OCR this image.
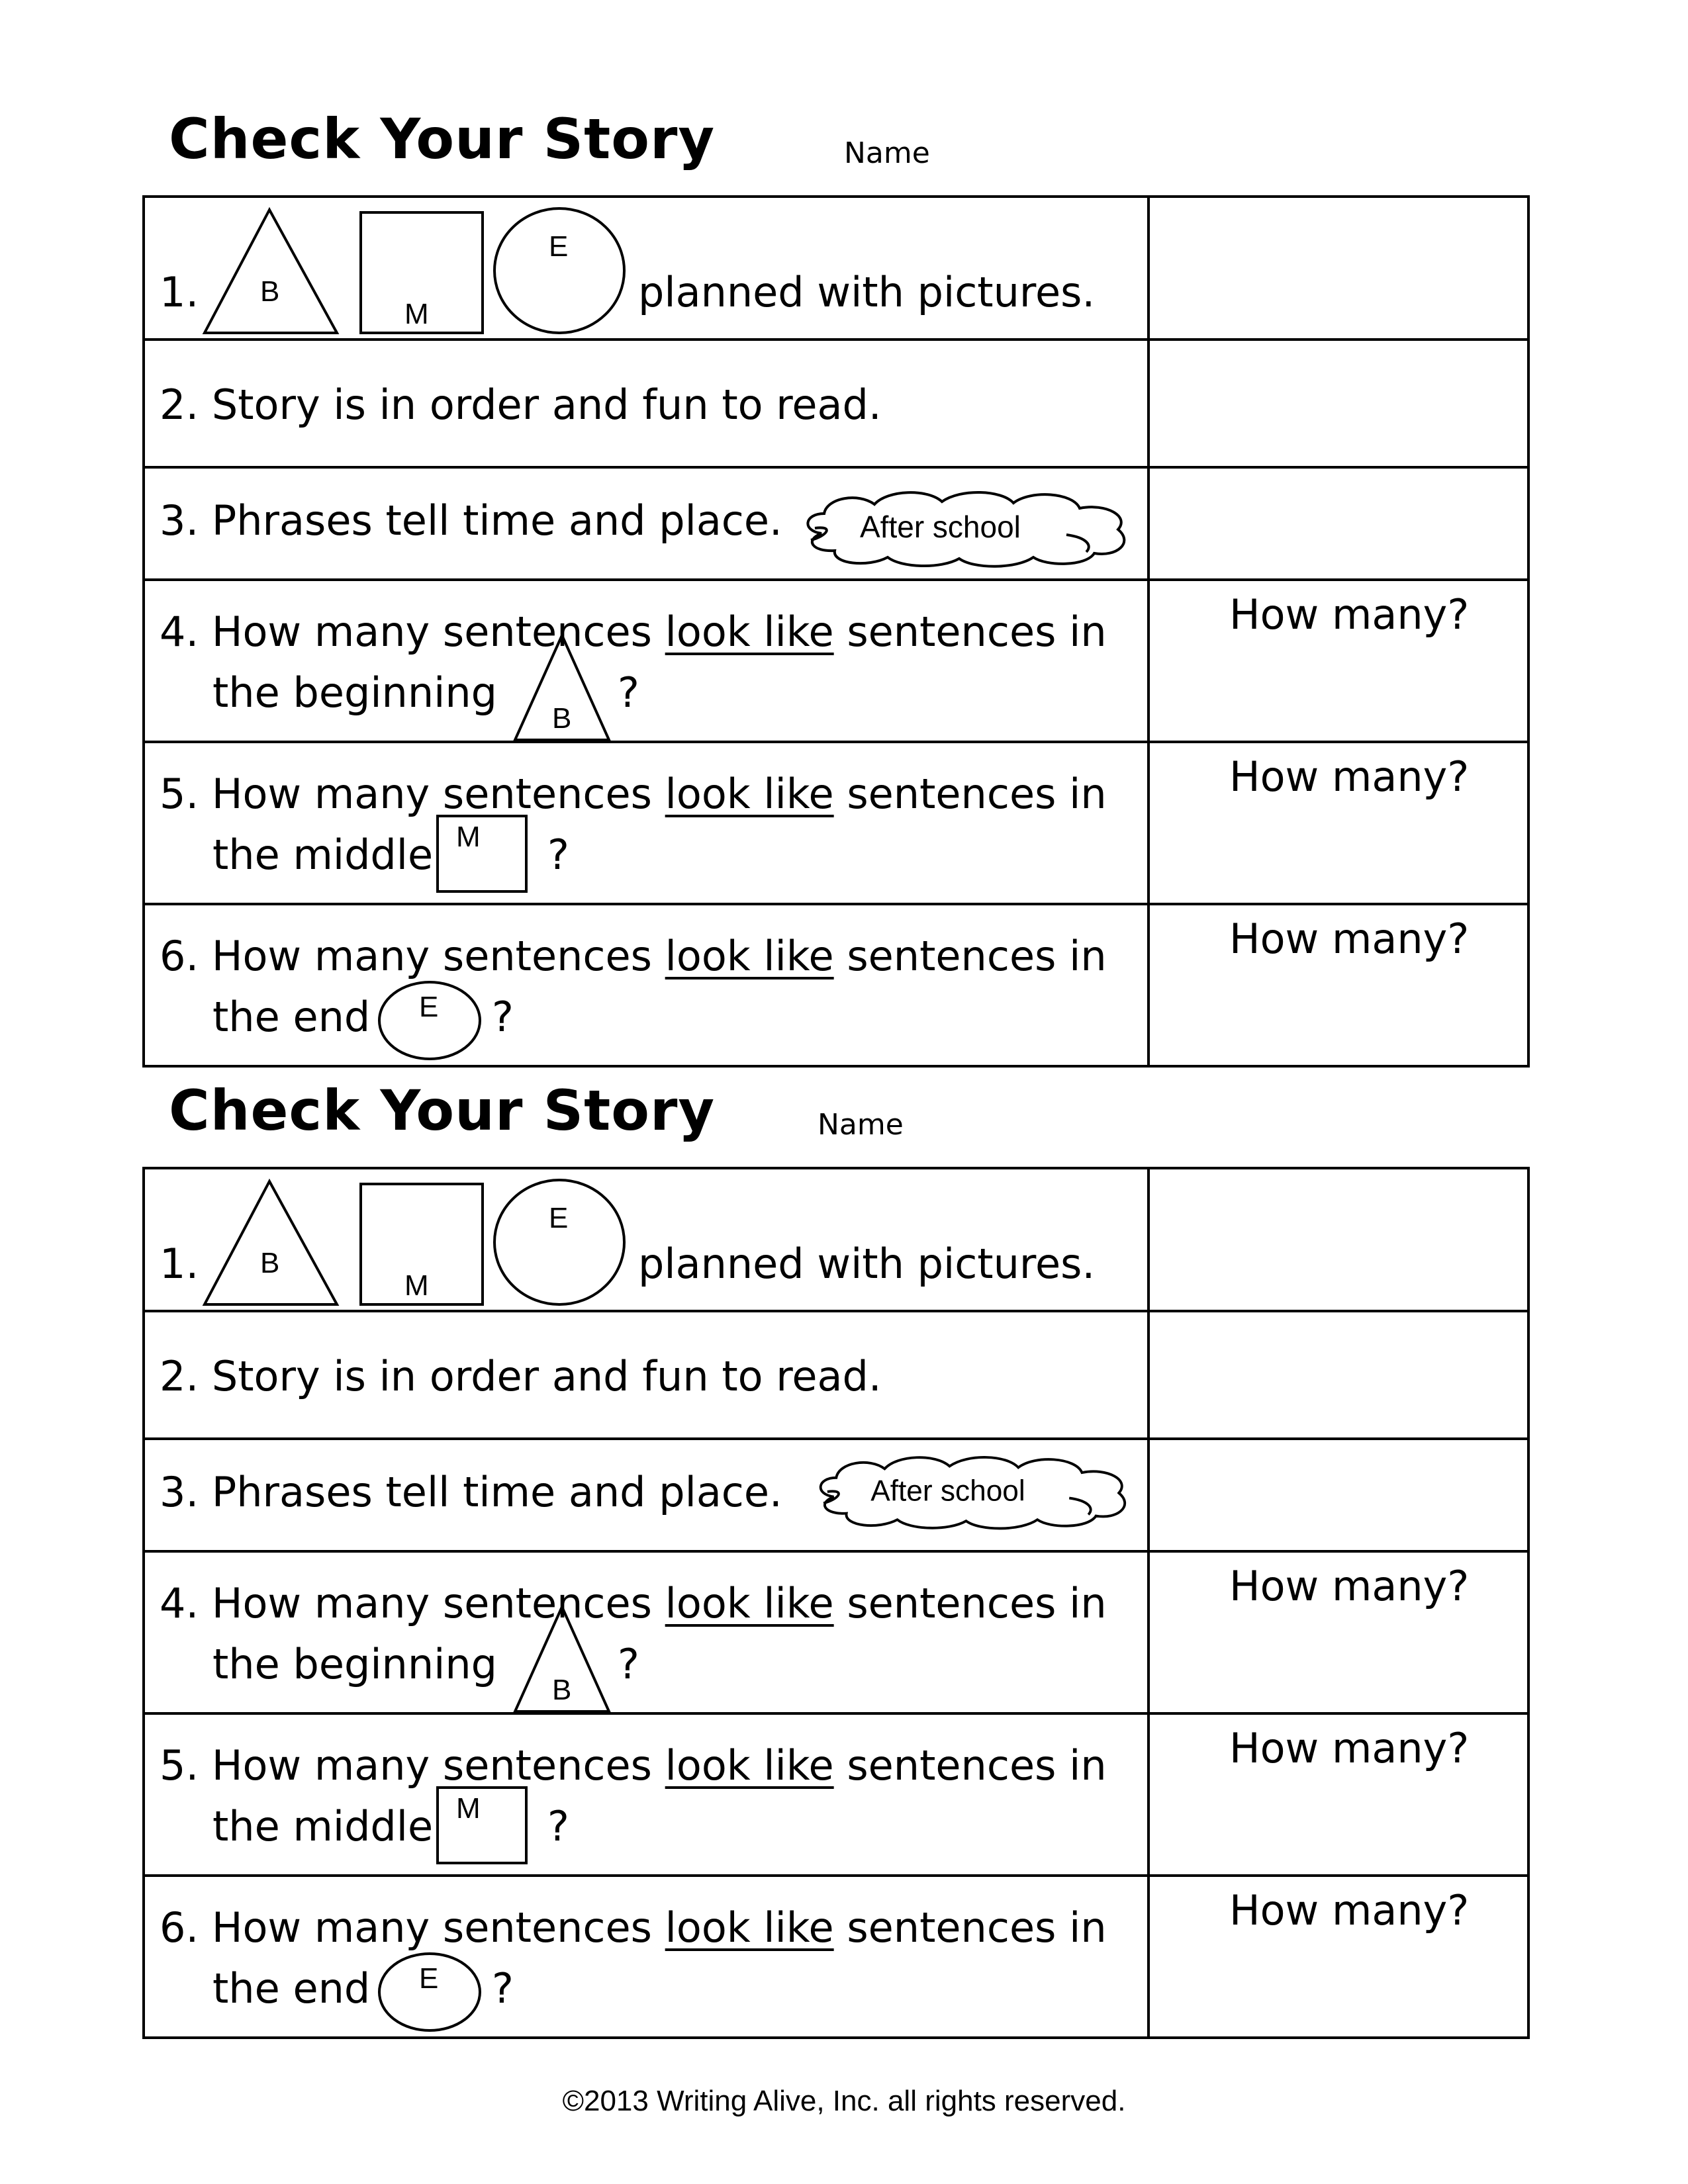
Check Your Story	Name
1. B
M
E
planned with pictures.	

2. Story is in order and fun to read.	

3. Phrases tell time and place. After school	

4. How many sentences look like sentences in
the beginning
B
?	How many?

5. How many sentences look like sentences in
the middle M ?	How many?

6. How many sentences look like sentences in
the end E ?	How many?
Check Your Story	Name
1. B
M
E
planned with pictures.	

2. Story is in order and fun to read.	

3. Phrases tell time and place. After school	

4. How many sentences look like sentences in
the beginning
B
?	How many?

5. How many sentences look like sentences in
the middle M ?	How many?

6. How many sentences look like sentences in
the end E ?	How many?
©2013 Writing Alive, Inc. all rights reserved.
